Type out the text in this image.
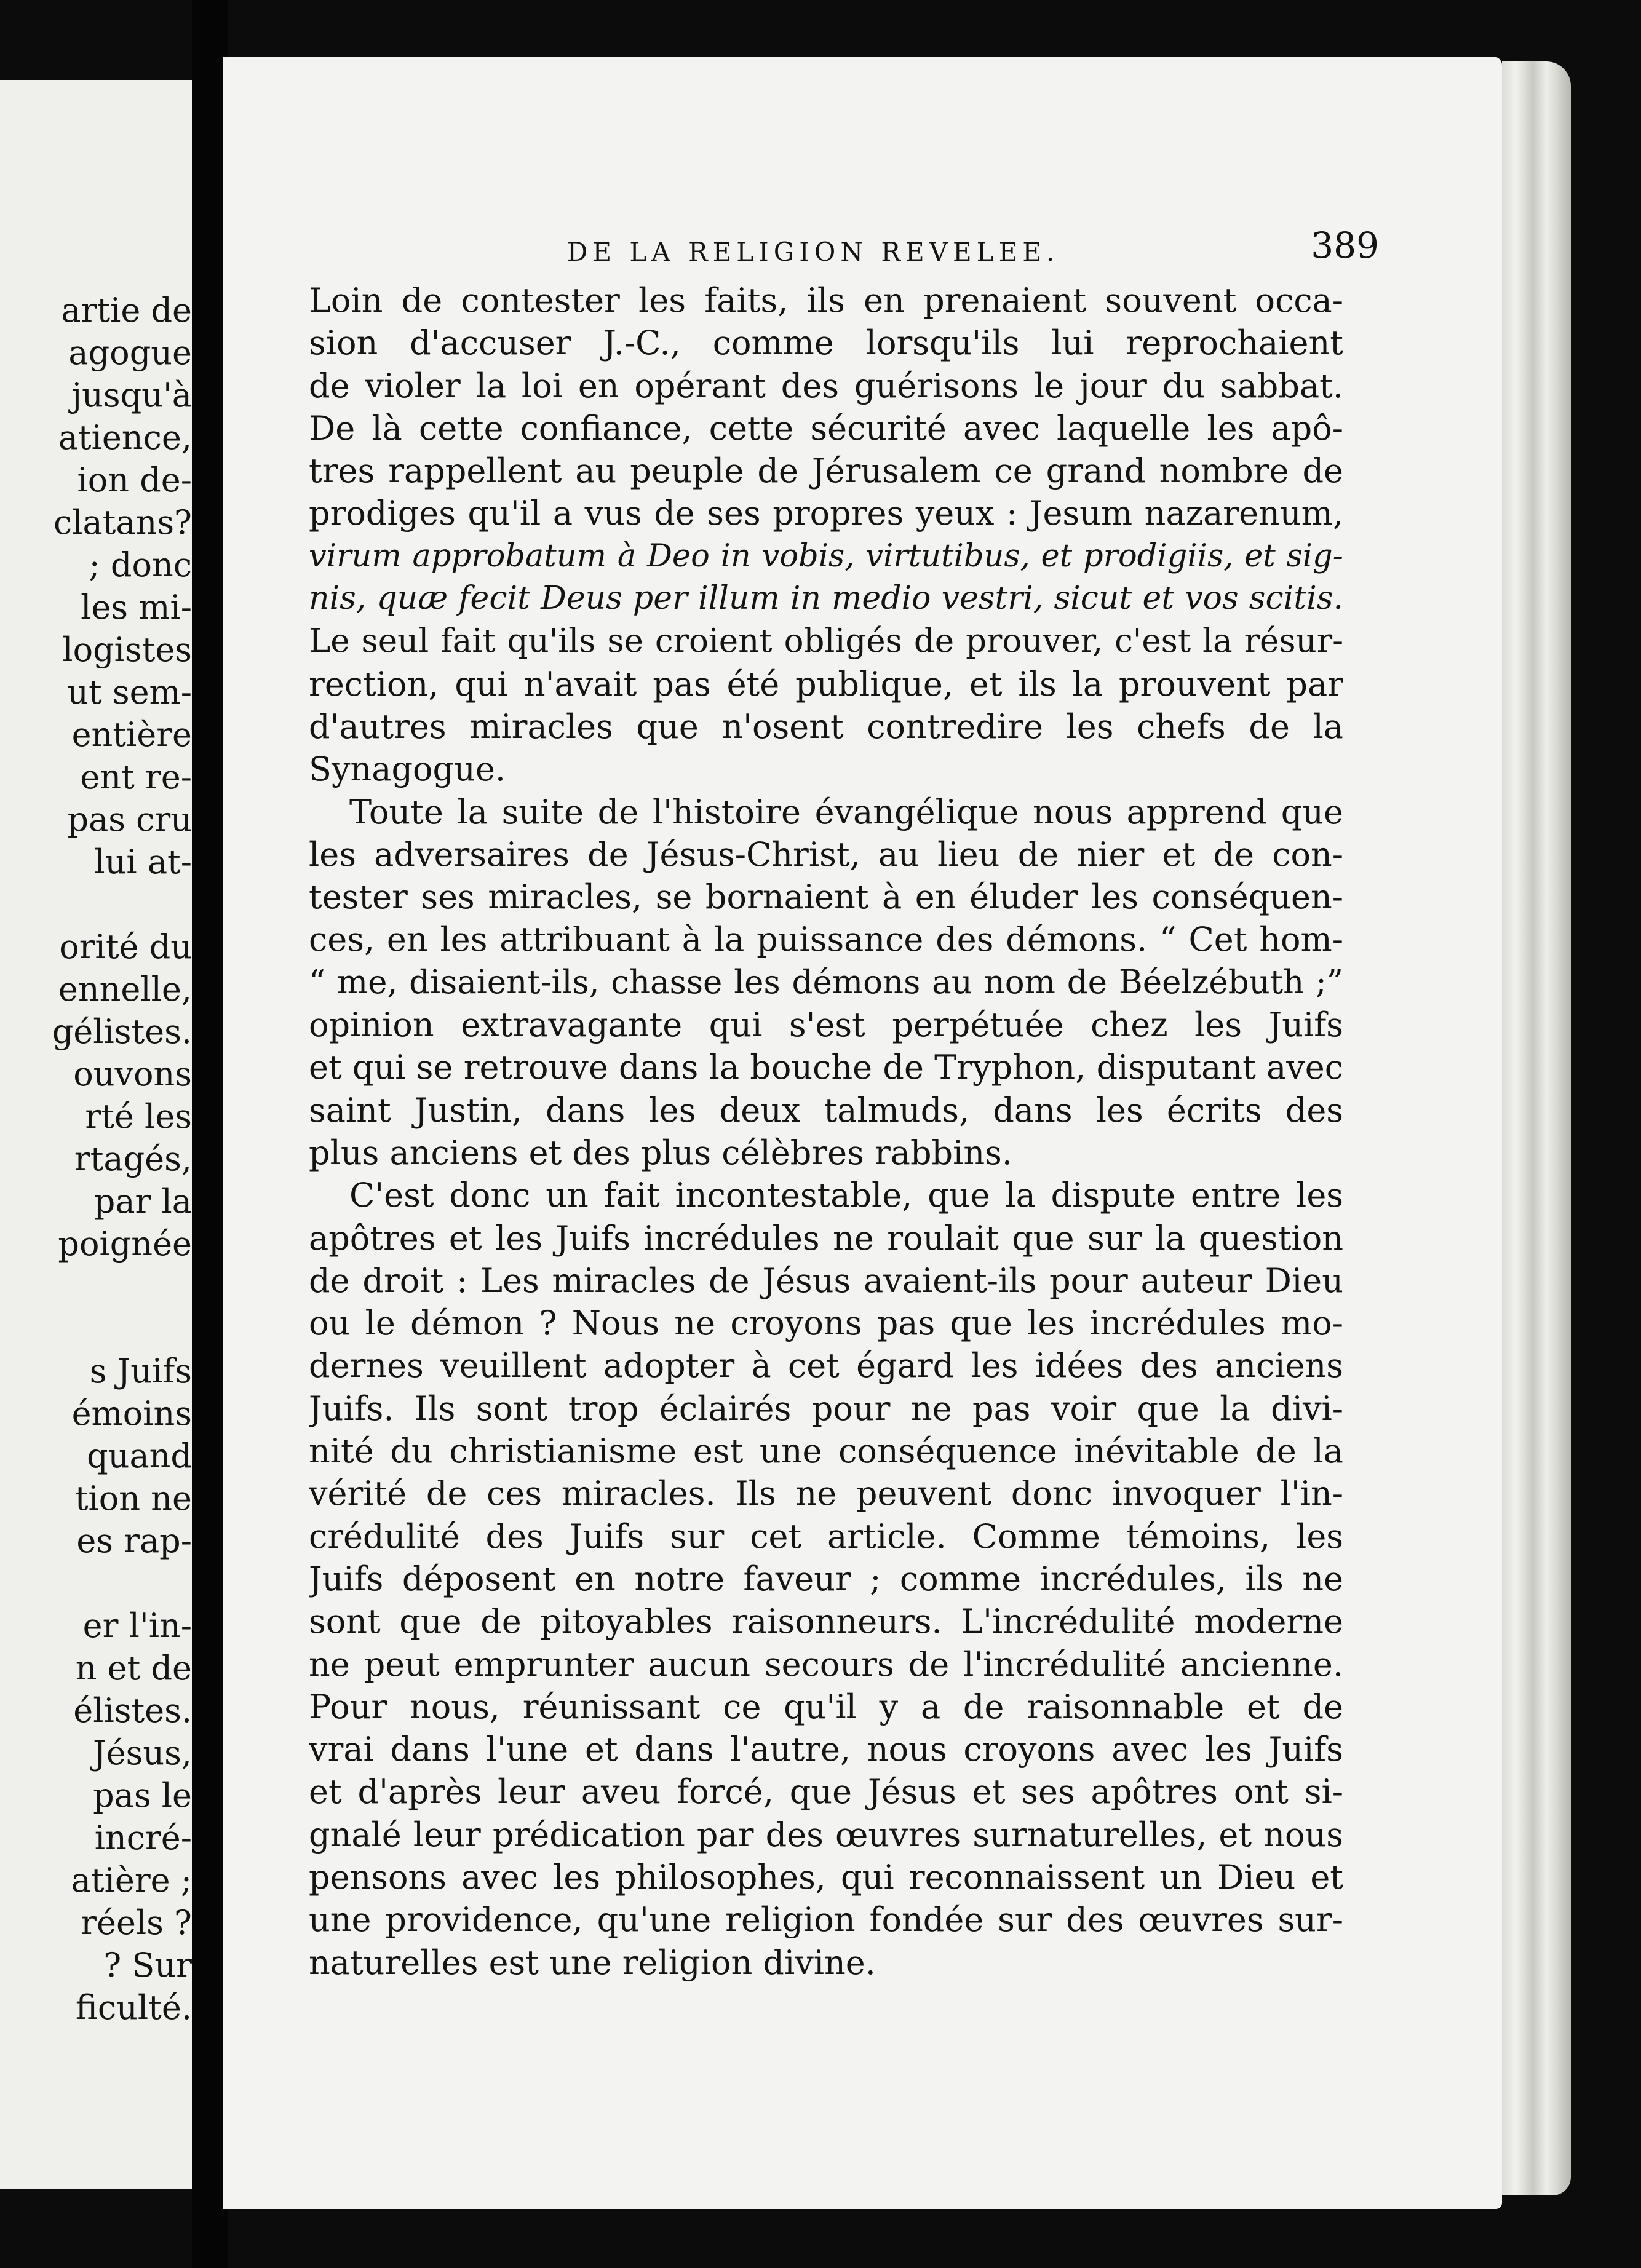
artie de
agogue
jusqu'à
atience,
ion de-
clatans?
; donc
les mi-
logistes
ut sem-
entière
ent re-
pas cru
lui at-
orité du
ennelle,
gélistes.
ouvons
rté les
rtagés,
par la
poignée
s Juifs
émoins
quand
tion ne
es rap-
er l'in-
n et de
élistes.
Jésus,
pas le
incré-
atière ;
réels ?
? Sur
ficulté.
DE LA RELIGION REVELEE.	389
Loin de contester les faits, ils en prenaient souvent occa-
sion d'accuser J.-C., comme lorsqu'ils lui reprochaient
de violer la loi en opérant des guérisons le jour du sabbat.
De là cette confiance, cette sécurité avec laquelle les apô-
tres rappellent au peuple de Jérusalem ce grand nombre de
prodiges qu'il a vus de ses propres yeux : Jesum nazarenum,
virum approbatum à Deo in vobis, virtutibus, et prodigiis, et sig-
nis, quæ fecit Deus per illum in medio vestri, sicut et vos scitis.
Le seul fait qu'ils se croient obligés de prouver, c'est la résur-
rection, qui n'avait pas été publique, et ils la prouvent par
d'autres miracles que n'osent contredire les chefs de la
Synagogue.
Toute la suite de l'histoire évangélique nous apprend que
les adversaires de Jésus-Christ, au lieu de nier et de con-
tester ses miracles, se bornaient à en éluder les conséquen-
ces, en les attribuant à la puissance des démons. “ Cet hom-
“ me, disaient-ils, chasse les démons au nom de Béelzébuth ;”
opinion extravagante qui s'est perpétuée chez les Juifs
et qui se retrouve dans la bouche de Tryphon, disputant avec
saint Justin, dans les deux talmuds, dans les écrits des
plus anciens et des plus célèbres rabbins.
C'est donc un fait incontestable, que la dispute entre les
apôtres et les Juifs incrédules ne roulait que sur la question
de droit : Les miracles de Jésus avaient-ils pour auteur Dieu
ou le démon ? Nous ne croyons pas que les incrédules mo-
dernes veuillent adopter à cet égard les idées des anciens
Juifs. Ils sont trop éclairés pour ne pas voir que la divi-
nité du christianisme est une conséquence inévitable de la
vérité de ces miracles. Ils ne peuvent donc invoquer l'in-
crédulité des Juifs sur cet article. Comme témoins, les
Juifs déposent en notre faveur ; comme incrédules, ils ne
sont que de pitoyables raisonneurs. L'incrédulité moderne
ne peut emprunter aucun secours de l'incrédulité ancienne.
Pour nous, réunissant ce qu'il y a de raisonnable et de
vrai dans l'une et dans l'autre, nous croyons avec les Juifs
et d'après leur aveu forcé, que Jésus et ses apôtres ont si-
gnalé leur prédication par des œuvres surnaturelles, et nous
pensons avec les philosophes, qui reconnaissent un Dieu et
une providence, qu'une religion fondée sur des œuvres sur-
naturelles est une religion divine.
